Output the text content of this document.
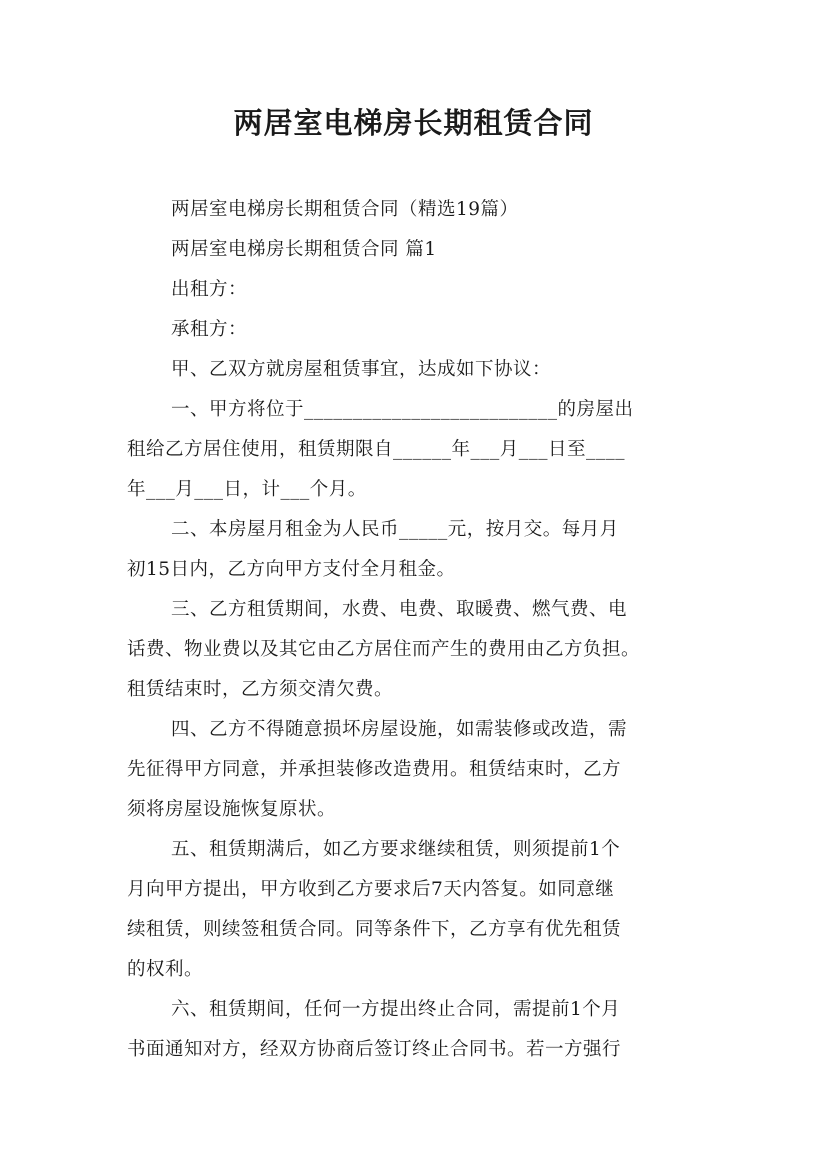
两居室电梯房长期租赁合同
两居室电梯房长期租赁合同（精选19篇）
两居室电梯房长期租赁合同 篇1
出租方：
承租方：
甲、乙双方就房屋租赁事宜，达成如下协议：
一、甲方将位于__________________________的房屋出
租给乙方居住使用，租赁期限自______年___月___日至____
年___月___日，计___个月。
二、本房屋月租金为人民币_____元，按月交。每月月
初15日内，乙方向甲方支付全月租金。
三、乙方租赁期间，水费、电费、取暖费、燃气费、电
话费、物业费以及其它由乙方居住而产生的费用由乙方负担。
租赁结束时，乙方须交清欠费。
四、乙方不得随意损坏房屋设施，如需装修或改造，需
先征得甲方同意，并承担装修改造费用。租赁结束时，乙方
须将房屋设施恢复原状。
五、租赁期满后，如乙方要求继续租赁，则须提前1个
月向甲方提出，甲方收到乙方要求后7天内答复。如同意继
续租赁，则续签租赁合同。同等条件下，乙方享有优先租赁
的权利。
六、租赁期间，任何一方提出终止合同，需提前1个月
书面通知对方，经双方协商后签订终止合同书。若一方强行
